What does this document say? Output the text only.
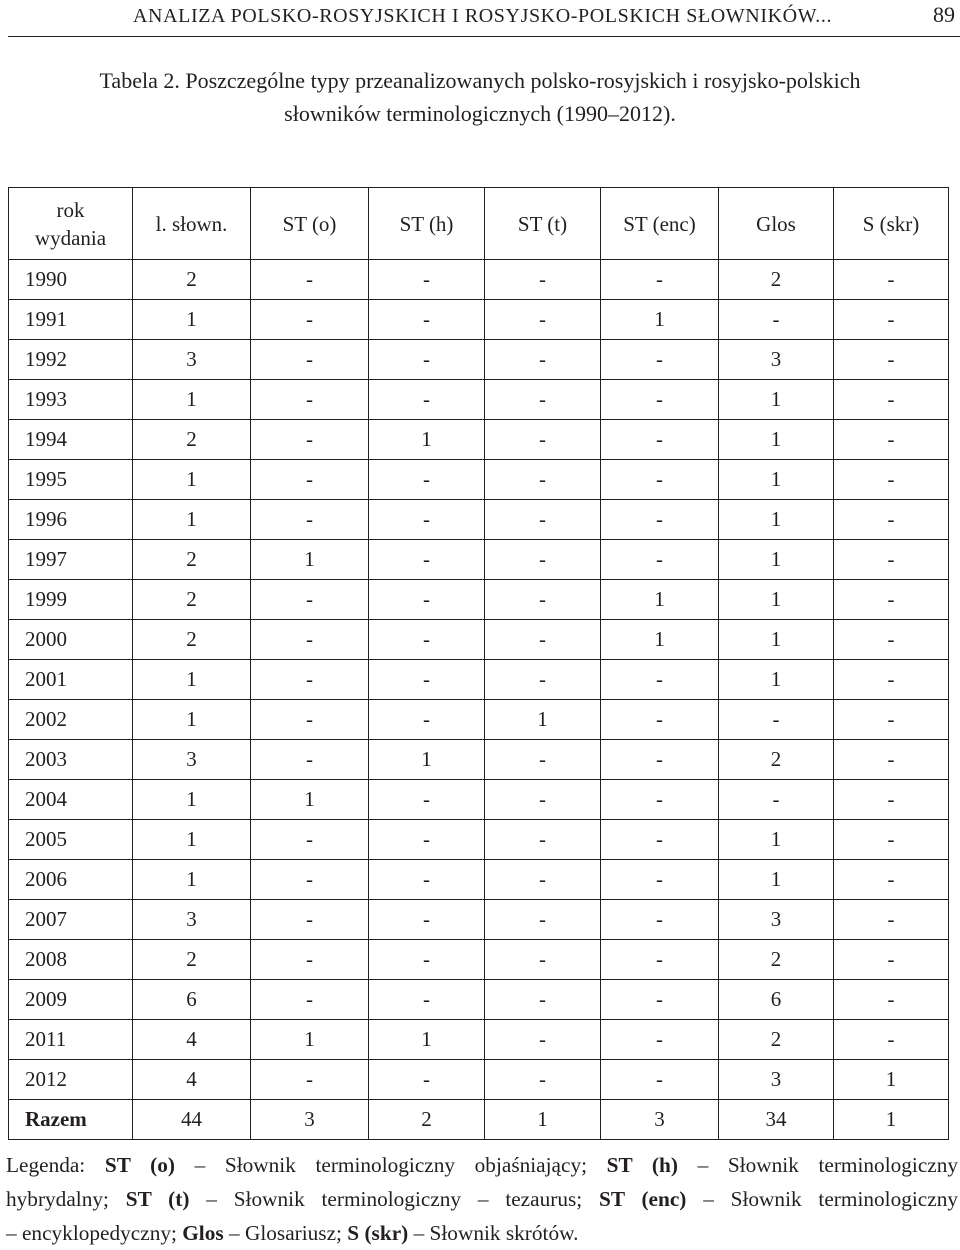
ANALIZA POLSKO-ROSYJSKICH I ROSYJSKO-POLSKICH SŁOWNIKÓW...	89
Tabela 2. Poszczególne typy przeanalizowanych polsko-rosyjskich i rosyjsko-polskich
słowników terminologicznych (1990–2012).
rok
wydania	l. słown.	ST (o)	ST (h)	ST (t)	ST (enc)	Glos	S (skr)
1990	2	-	-	-	-	2	-
1991	1	-	-	-	1	-	-
1992	3	-	-	-	-	3	-
1993	1	-	-	-	-	1	-
1994	2	-	1	-	-	1	-
1995	1	-	-	-	-	1	-
1996	1	-	-	-	-	1	-
1997	2	1	-	-	-	1	-
1999	2	-	-	-	1	1	-
2000	2	-	-	-	1	1	-
2001	1	-	-	-	-	1	-
2002	1	-	-	1	-	-	-
2003	3	-	1	-	-	2	-
2004	1	1	-	-	-	-	-
2005	1	-	-	-	-	1	-
2006	1	-	-	-	-	1	-
2007	3	-	-	-	-	3	-
2008	2	-	-	-	-	2	-
2009	6	-	-	-	-	6	-
2011	4	1	1	-	-	2	-
2012	4	-	-	-	-	3	1
Razem	44	3	2	1	3	34	1
Legenda: ST (o) – Słownik terminologiczny objaśniający; ST (h) – Słownik terminologiczny
hybrydalny; ST (t) – Słownik terminologiczny – tezaurus; ST (enc) – Słownik terminologiczny
– encyklopedyczny; Glos – Glosariusz; S (skr) – Słownik skrótów.
